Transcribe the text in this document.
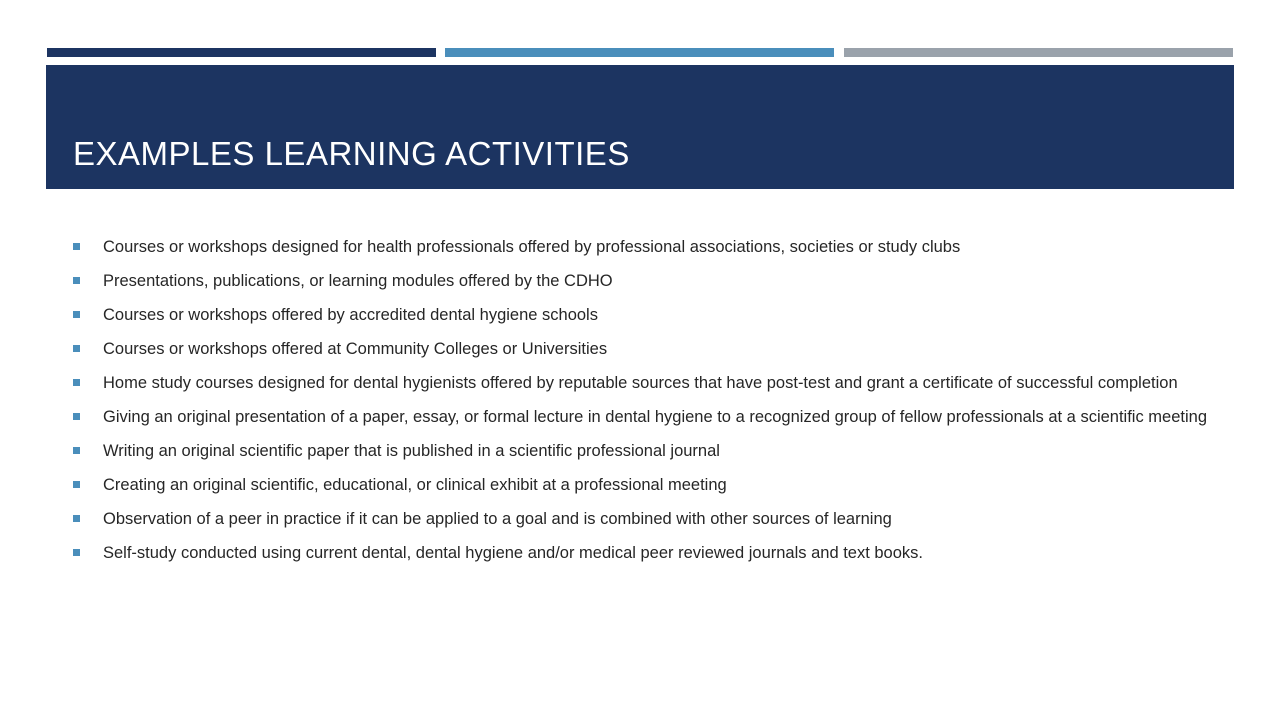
EXAMPLES LEARNING ACTIVITIES
Courses or workshops designed for health professionals offered by professional associations, societies or study clubs
Presentations, publications, or learning modules offered by the CDHO
Courses or workshops offered by accredited dental hygiene schools
Courses or workshops offered at Community Colleges or Universities
Home study courses designed for dental hygienists offered by reputable sources that have post-test and grant a certificate of successful completion
Giving an original presentation of a paper, essay, or formal lecture in dental hygiene to a recognized group of fellow professionals at a scientific meeting
Writing an original scientific paper that is published in a scientific professional journal
Creating an original scientific, educational, or clinical exhibit at a professional meeting
Observation of a peer in practice if it can be applied to a goal and is combined with other sources of learning
Self-study conducted using current dental, dental hygiene and/or medical peer reviewed journals and text books.
